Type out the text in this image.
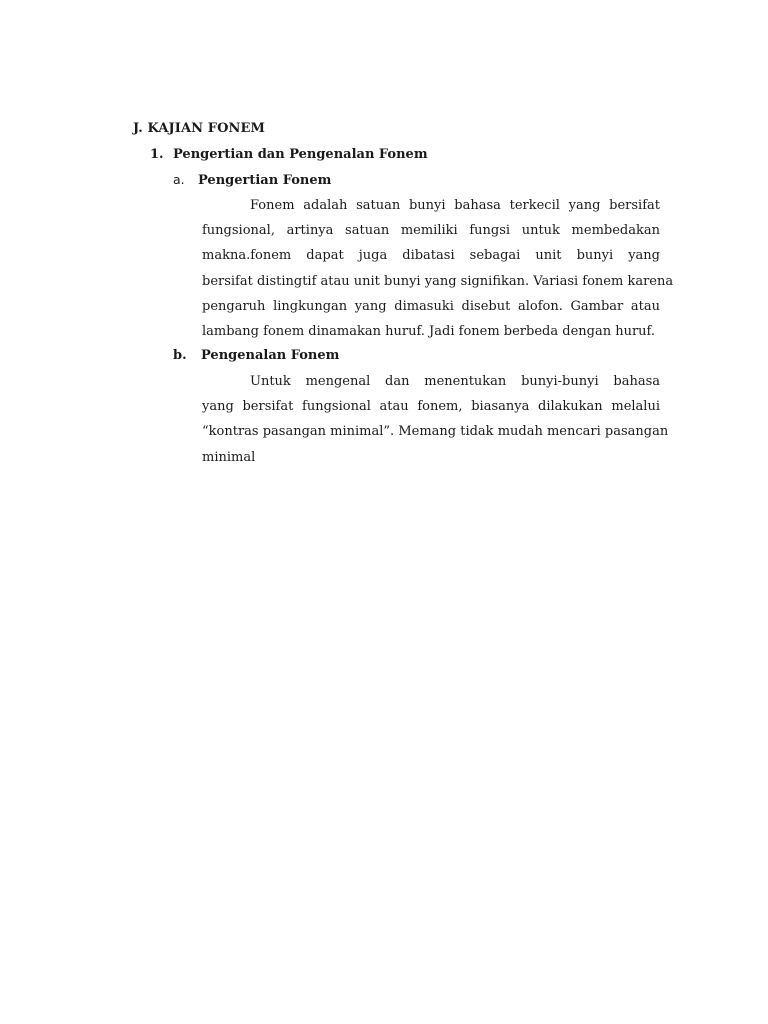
J. KAJIAN FONEM
1. Pengertian dan Pengenalan Fonem
a. Pengertian Fonem
Fonem adalah satuan bunyi bahasa terkecil yang bersifat
fungsional, artinya satuan memiliki fungsi untuk membedakan
makna.fonem dapat juga dibatasi sebagai unit bunyi yang
bersifat distingtif atau unit bunyi yang signifikan. Variasi fonem karena
pengaruh lingkungan yang dimasuki disebut alofon. Gambar atau
lambang fonem dinamakan huruf. Jadi fonem berbeda dengan huruf.
b. Pengenalan Fonem
Untuk mengenal dan menentukan bunyi-bunyi bahasa
yang bersifat fungsional atau fonem, biasanya dilakukan melalui
“kontras pasangan minimal”. Memang tidak mudah mencari pasangan
minimal
